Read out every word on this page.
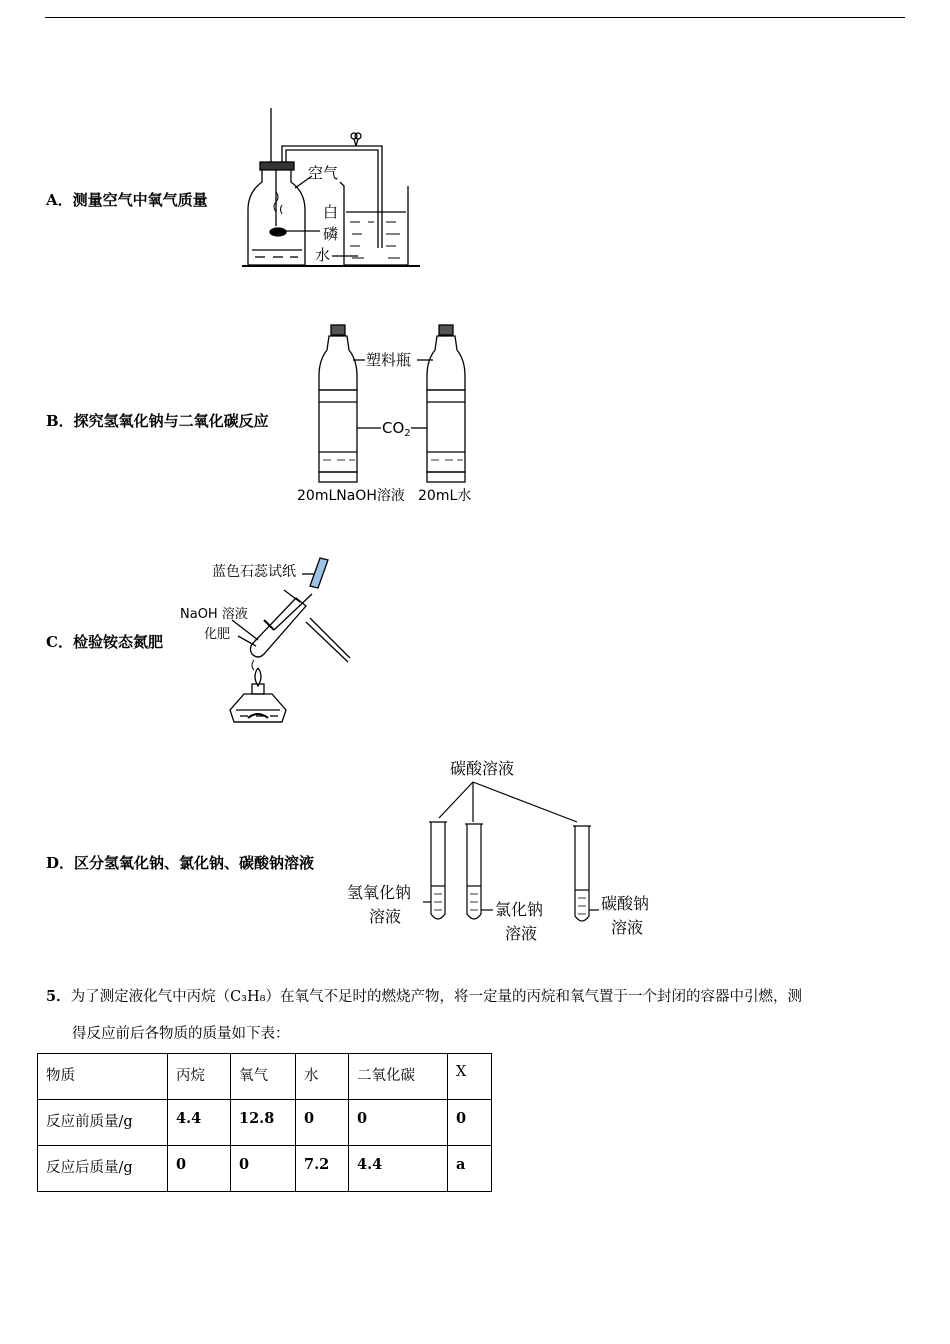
A．测量空气中氧气质量
B．探究氢氧化钠与二氧化碳反应
C．检验铵态氮肥
D．区分氢氧化钠、氯化钠、碳酸钠溶液
空气
白
磷
水
塑料瓶
$CO_2$
20mLNaOH溶液 20mL水
蓝色石蕊试纸
NaOH 溶液
化肥
碳酸溶液
氢氧化钠
溶液	氯化钠
溶液
碳酸钠
溶液
5．为了测定液化气中丙烷（C₃H₈）在氧气不足时的燃烧产物，将一定量的丙烷和氧气置于一个封闭的容器中引燃，测
得反应前后各物质的质量如下表：
物质	丙烷	氧气	水	二氧化碳	X
反应前质量/g	4.4	12.8	0	0	0
反应后质量/g	0	0	7.2	4.4	a
